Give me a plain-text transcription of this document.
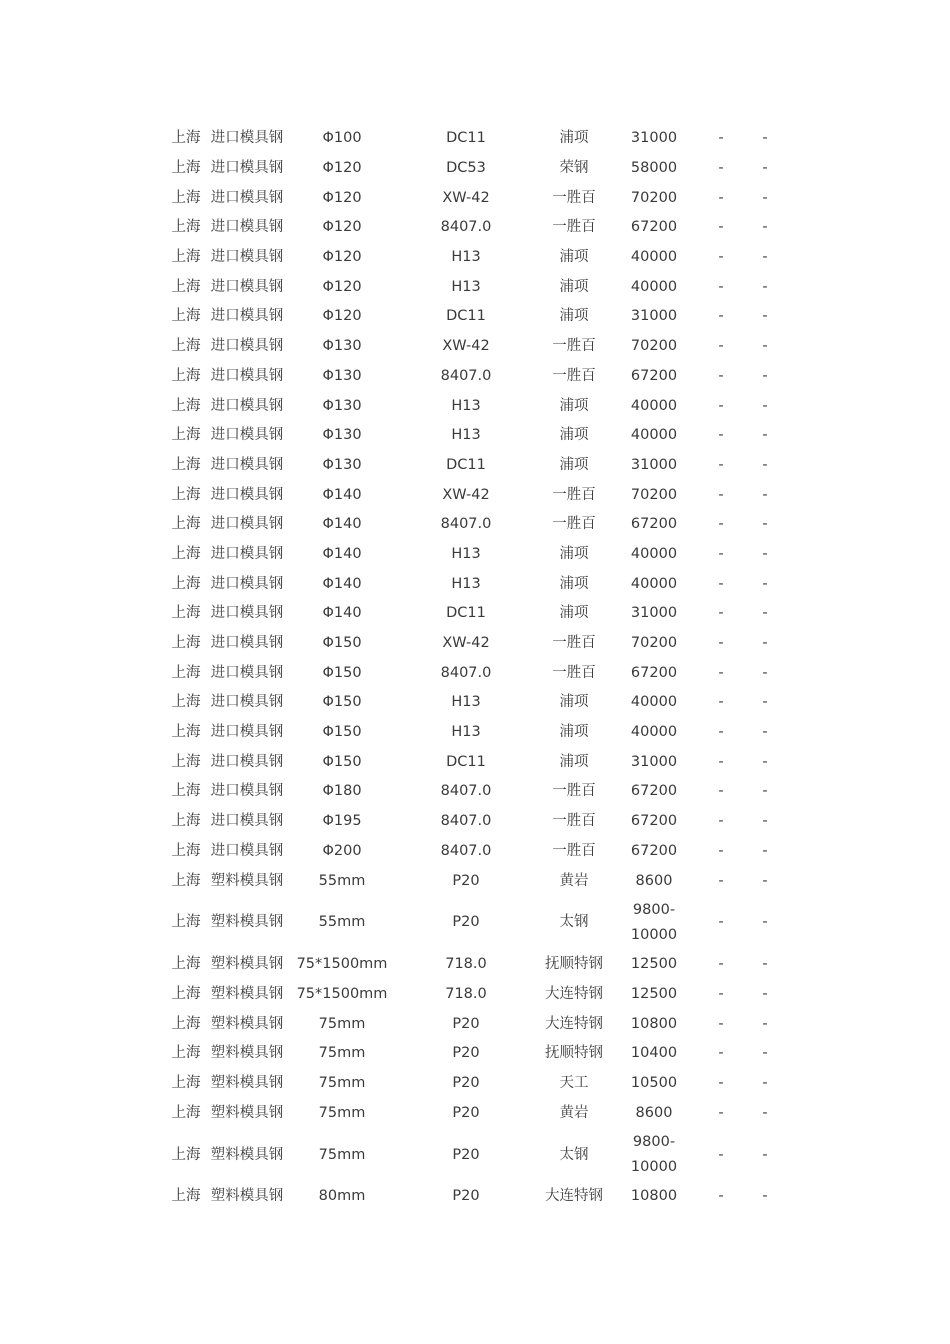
上海	进口模具钢	Φ100	DC11	浦项	31000	-	-
上海	进口模具钢	Φ120	DC53	荣钢	58000	-	-
上海	进口模具钢	Φ120	XW-42	一胜百	70200	-	-
上海	进口模具钢	Φ120	8407.0	一胜百	67200	-	-
上海	进口模具钢	Φ120	H13	浦项	40000	-	-
上海	进口模具钢	Φ120	H13	浦项	40000	-	-
上海	进口模具钢	Φ120	DC11	浦项	31000	-	-
上海	进口模具钢	Φ130	XW-42	一胜百	70200	-	-
上海	进口模具钢	Φ130	8407.0	一胜百	67200	-	-
上海	进口模具钢	Φ130	H13	浦项	40000	-	-
上海	进口模具钢	Φ130	H13	浦项	40000	-	-
上海	进口模具钢	Φ130	DC11	浦项	31000	-	-
上海	进口模具钢	Φ140	XW-42	一胜百	70200	-	-
上海	进口模具钢	Φ140	8407.0	一胜百	67200	-	-
上海	进口模具钢	Φ140	H13	浦项	40000	-	-
上海	进口模具钢	Φ140	H13	浦项	40000	-	-
上海	进口模具钢	Φ140	DC11	浦项	31000	-	-
上海	进口模具钢	Φ150	XW-42	一胜百	70200	-	-
上海	进口模具钢	Φ150	8407.0	一胜百	67200	-	-
上海	进口模具钢	Φ150	H13	浦项	40000	-	-
上海	进口模具钢	Φ150	H13	浦项	40000	-	-
上海	进口模具钢	Φ150	DC11	浦项	31000	-	-
上海	进口模具钢	Φ180	8407.0	一胜百	67200	-	-
上海	进口模具钢	Φ195	8407.0	一胜百	67200	-	-
上海	进口模具钢	Φ200	8407.0	一胜百	67200	-	-
上海	塑料模具钢	55mm	P20	黄岩	8600	-	-
上海	塑料模具钢	55mm	P20	太钢	9800-10000	-	-
上海	塑料模具钢	75*1500mm	718.0	抚顺特钢	12500	-	-
上海	塑料模具钢	75*1500mm	718.0	大连特钢	12500	-	-
上海	塑料模具钢	75mm	P20	大连特钢	10800	-	-
上海	塑料模具钢	75mm	P20	抚顺特钢	10400	-	-
上海	塑料模具钢	75mm	P20	天工	10500	-	-
上海	塑料模具钢	75mm	P20	黄岩	8600	-	-
上海	塑料模具钢	75mm	P20	太钢	9800-10000	-	-
上海	塑料模具钢	80mm	P20	大连特钢	10800	-	-
